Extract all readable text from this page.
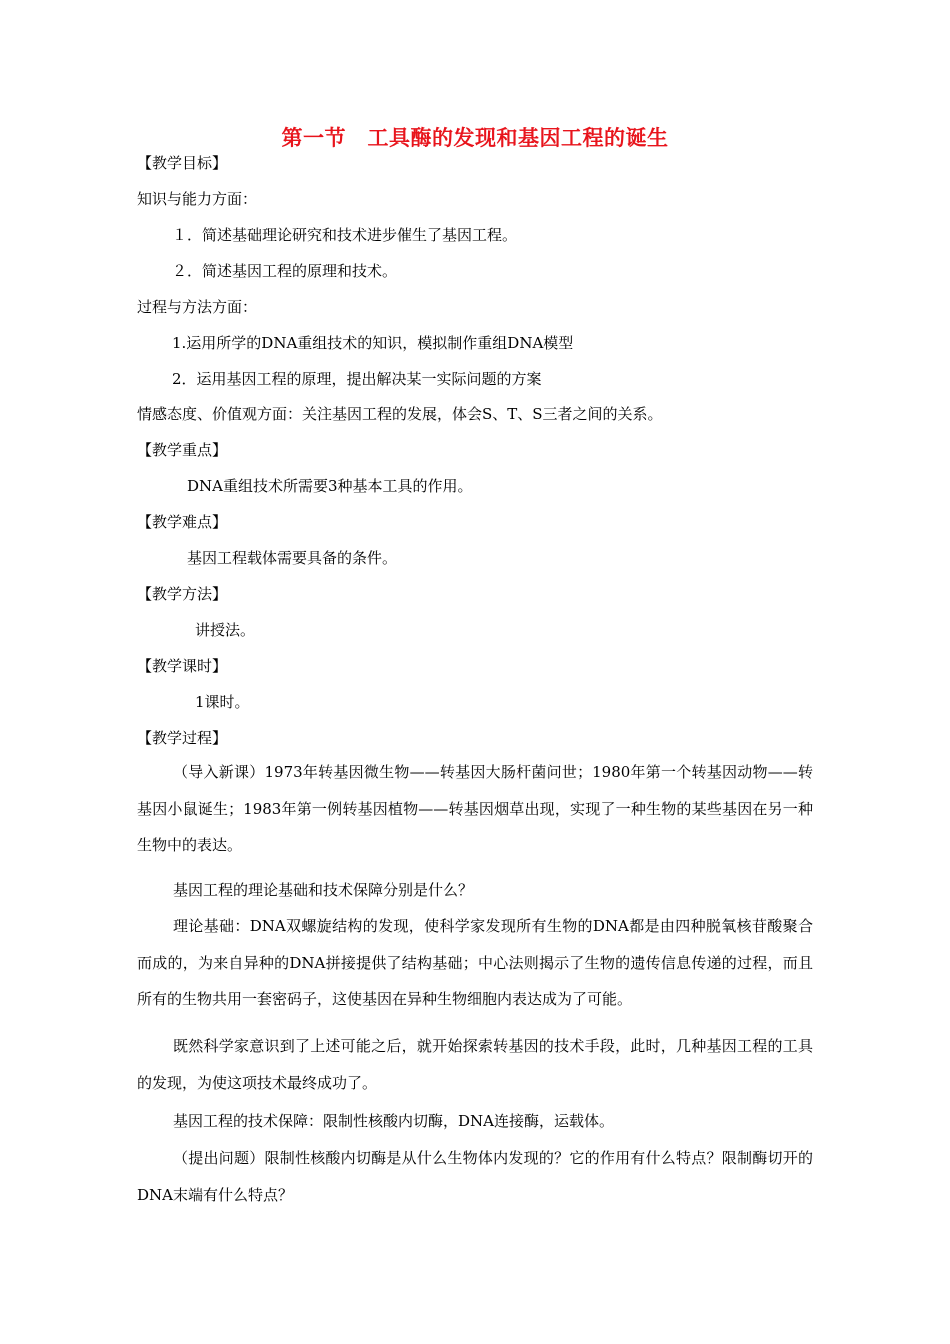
第一节　工具酶的发现和基因工程的诞生
【教学目标】
知识与能力方面：
１．简述基础理论研究和技术进步催生了基因工程。
２．简述基因工程的原理和技术。
过程与方法方面：
1.运用所学的DNA重组技术的知识，模拟制作重组DNA模型
2．运用基因工程的原理，提出解决某一实际问题的方案
情感态度、价值观方面：关注基因工程的发展，体会S、T、S三者之间的关系。
【教学重点】
DNA重组技术所需要3种基本工具的作用。
【教学难点】
基因工程载体需要具备的条件。
【教学方法】
讲授法。
【教学课时】
1课时。
【教学过程】
（导入新课）1973年转基因微生物——转基因大肠杆菌问世；1980年第一个转基因动物——转基因小鼠诞生；1983年第一例转基因植物——转基因烟草出现，实现了一种生物的某些基因在另一种生物中的表达。
基因工程的理论基础和技术保障分别是什么？
理论基础：DNA双螺旋结构的发现，使科学家发现所有生物的DNA都是由四种脱氧核苷酸聚合而成的，为来自异种的DNA拼接提供了结构基础；中心法则揭示了生物的遗传信息传递的过程，而且所有的生物共用一套密码子，这使基因在异种生物细胞内表达成为了可能。
既然科学家意识到了上述可能之后，就开始探索转基因的技术手段，此时，几种基因工程的工具的发现，为使这项技术最终成功了。
基因工程的技术保障：限制性核酸内切酶，DNA连接酶，运载体。
（提出问题）限制性核酸内切酶是从什么生物体内发现的？它的作用有什么特点？限制酶切开的DNA末端有什么特点？
